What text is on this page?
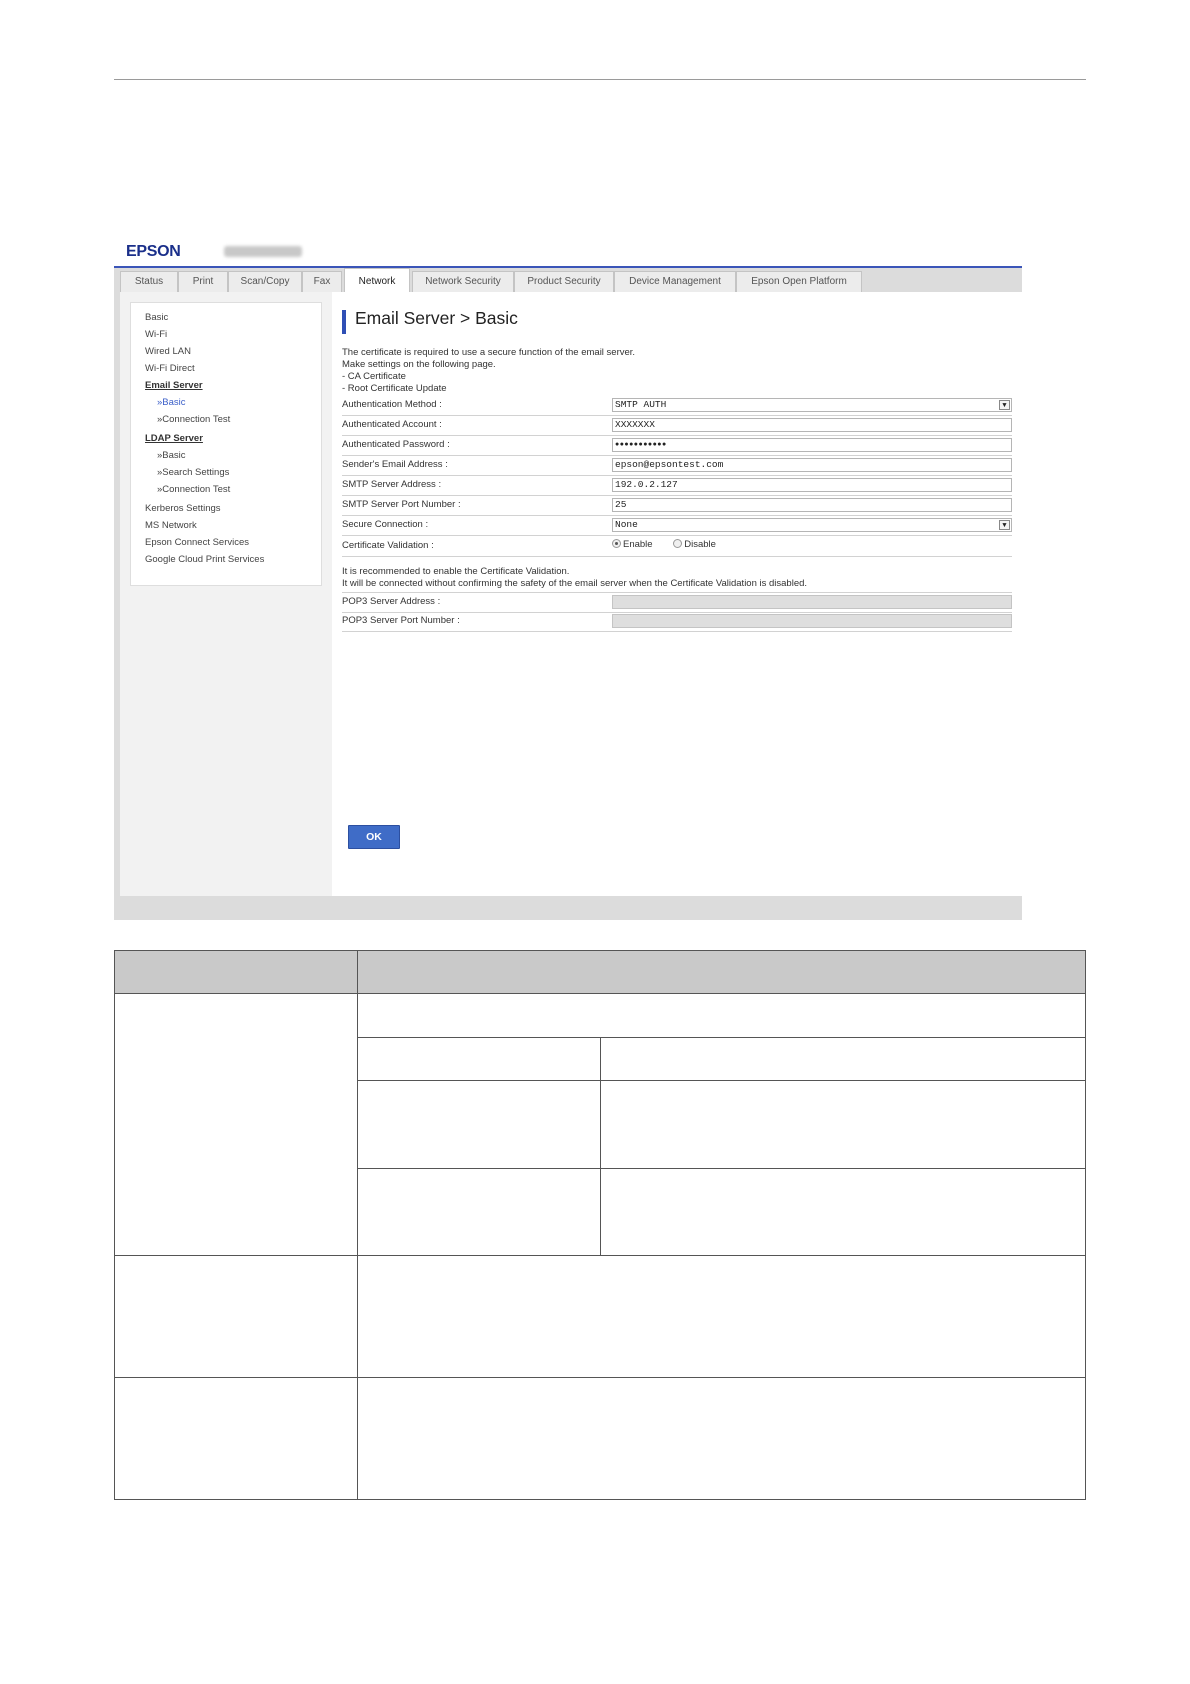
EPSON
Status	Print	Scan/Copy	Fax	Network	Network Security	Product Security	Device Management	Epson Open Platform
Basic
Wi-Fi
Wired LAN
Wi-Fi Direct
Email Server
»Basic
»Connection Test
LDAP Server
»Basic
»Search Settings
»Connection Test
Kerberos Settings
MS Network
Epson Connect Services
Google Cloud Print Services
Email Server > Basic
The certificate is required to use a secure function of the email server.
Make settings on the following page.
- CA Certificate
- Root Certificate Update
Authentication Method :	SMTP AUTH	▼
Authenticated Account :	XXXXXXX
Authenticated Password :	●●●●●●●●●●●
Sender's Email Address :	epson@epsontest.com
SMTP Server Address :	192.0.2.127
SMTP Server Port Number :	25
Secure Connection :	None	▼
Certificate Validation :	Enable	Disable
It is recommended to enable the Certificate Validation.
It will be connected without confirming the safety of the email server when the Certificate Validation is disabled.
POP3 Server Address :
POP3 Server Port Number :
OK
